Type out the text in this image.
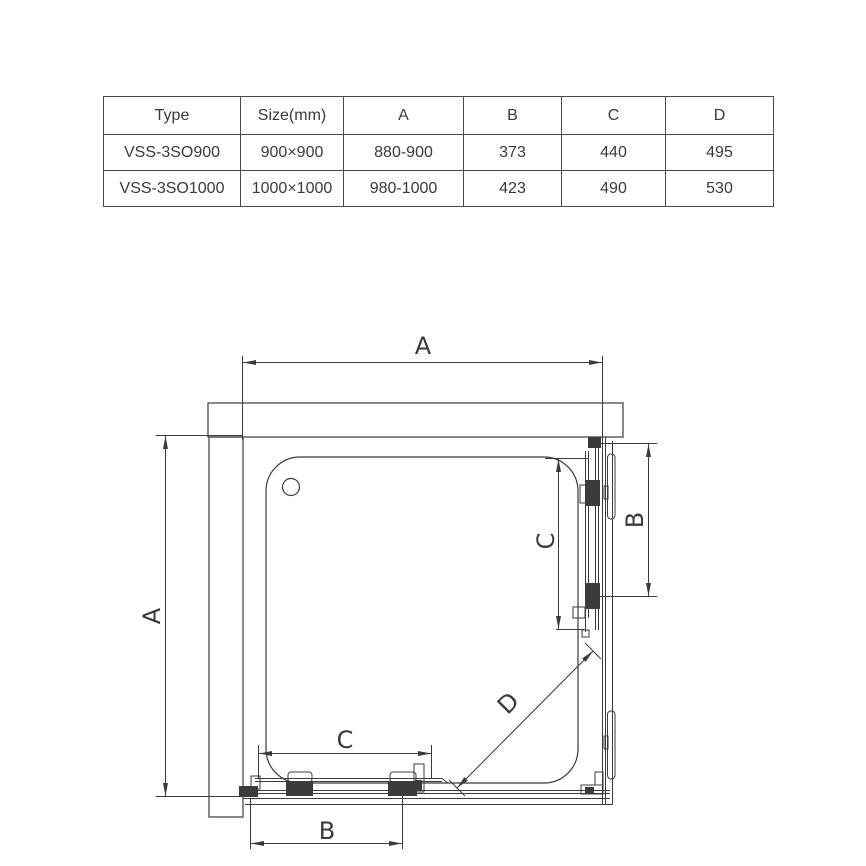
Type	Size(mm)	A	B	C	D
VSS-3SO900	900×900	880-900	373	440	495
VSS-3SO1000	1000×1000	980-1000	423	490	530
A
A
B
C
C
B
D
